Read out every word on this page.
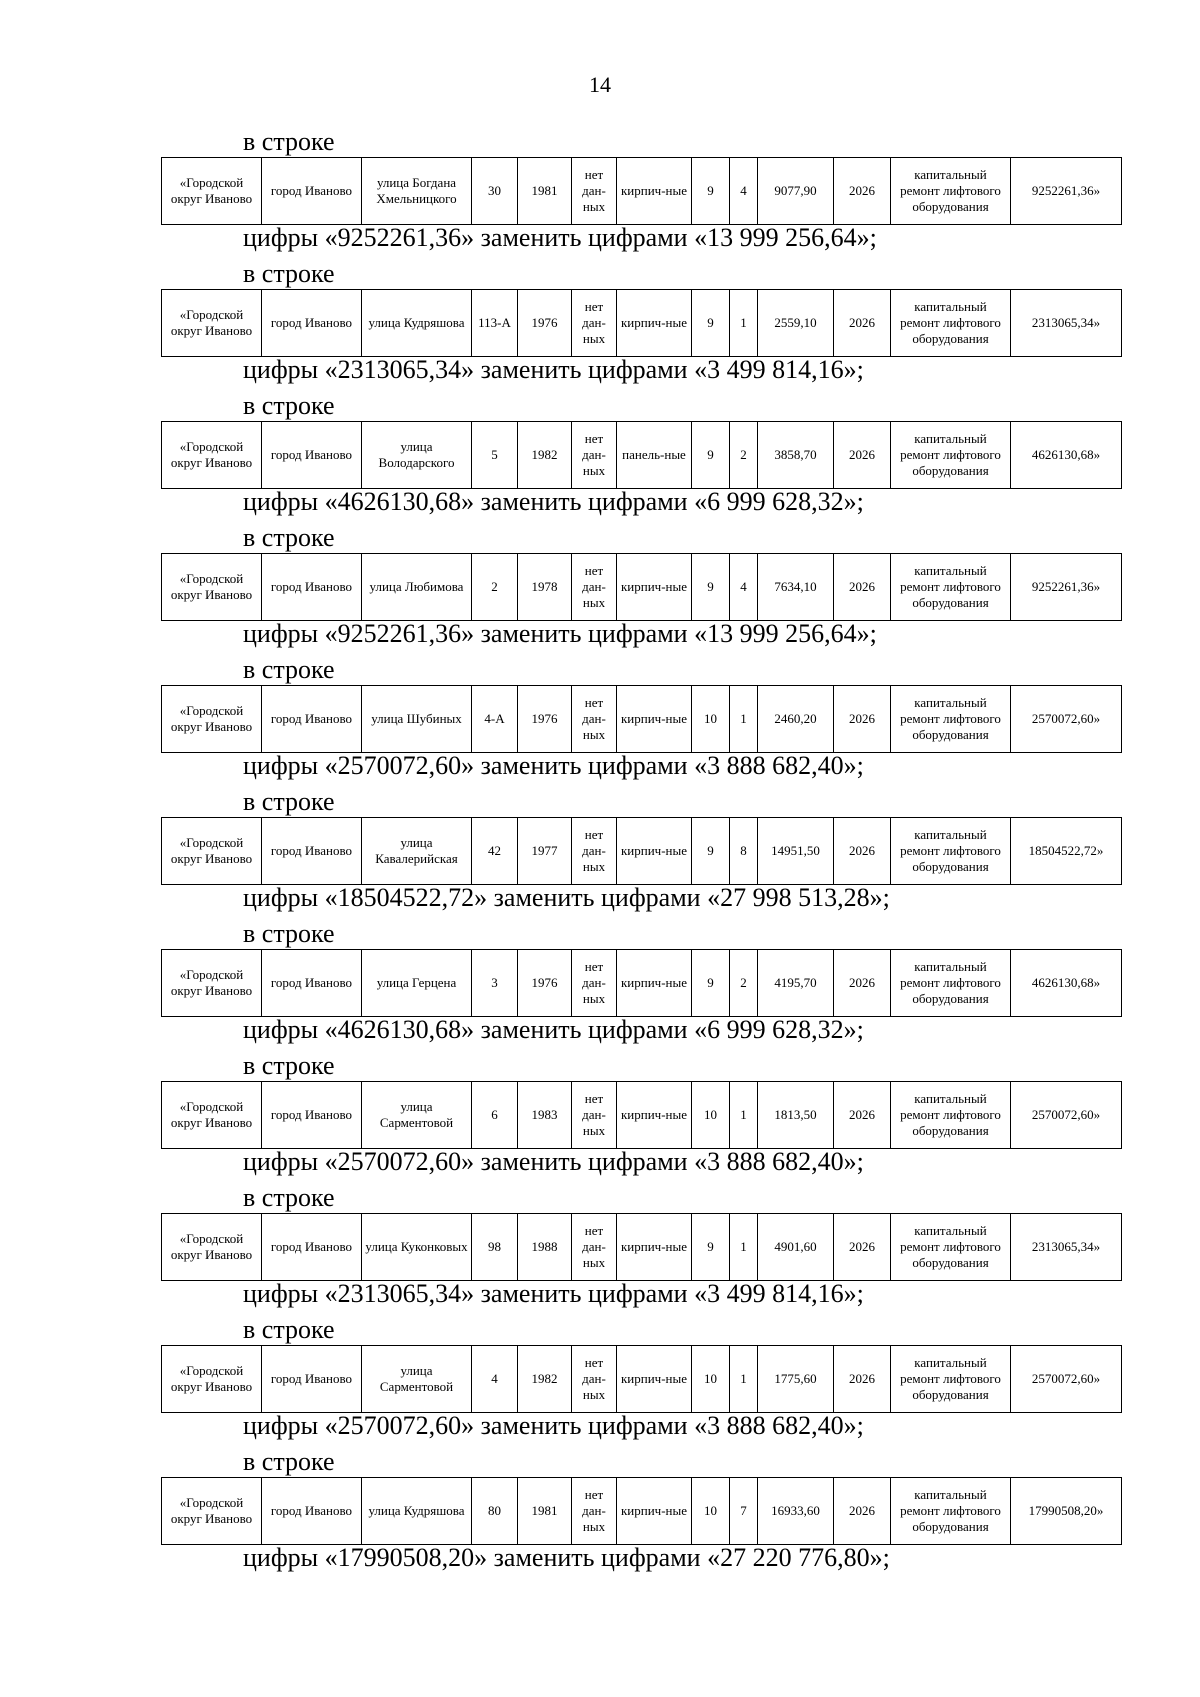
14
в строке
«Городской округ Иваново	город Иваново	улица Богдана Хмельницкого	30	1981	нет дан-ных	кирпич-ные	9	4	9077,90	2026	капитальный ремонт лифтового оборудования	9252261,36»
цифры «9252261,36» заменить цифрами «13 999 256,64»;
в строке
«Городской округ Иваново	город Иваново	улица Кудряшова	113-А	1976	нет дан-ных	кирпич-ные	9	1	2559,10	2026	капитальный ремонт лифтового оборудования	2313065,34»
цифры «2313065,34» заменить цифрами «3 499 814,16»;
в строке
«Городской округ Иваново	город Иваново	улица Володарского	5	1982	нет дан-ных	панель-ные	9	2	3858,70	2026	капитальный ремонт лифтового оборудования	4626130,68»
цифры «4626130,68» заменить цифрами «6 999 628,32»;
в строке
«Городской округ Иваново	город Иваново	улица Любимова	2	1978	нет дан-ных	кирпич-ные	9	4	7634,10	2026	капитальный ремонт лифтового оборудования	9252261,36»
цифры «9252261,36» заменить цифрами «13 999 256,64»;
в строке
«Городской округ Иваново	город Иваново	улица Шубиных	4-А	1976	нет дан-ных	кирпич-ные	10	1	2460,20	2026	капитальный ремонт лифтового оборудования	2570072,60»
цифры «2570072,60» заменить цифрами «3 888 682,40»;
в строке
«Городской округ Иваново	город Иваново	улица Кавалерийская	42	1977	нет дан-ных	кирпич-ные	9	8	14951,50	2026	капитальный ремонт лифтового оборудования	18504522,72»
цифры «18504522,72» заменить цифрами «27 998 513,28»;
в строке
«Городской округ Иваново	город Иваново	улица Герцена	3	1976	нет дан-ных	кирпич-ные	9	2	4195,70	2026	капитальный ремонт лифтового оборудования	4626130,68»
цифры «4626130,68» заменить цифрами «6 999 628,32»;
в строке
«Городской округ Иваново	город Иваново	улица Сарментовой	6	1983	нет дан-ных	кирпич-ные	10	1	1813,50	2026	капитальный ремонт лифтового оборудования	2570072,60»
цифры «2570072,60» заменить цифрами «3 888 682,40»;
в строке
«Городской округ Иваново	город Иваново	улица Куконковых	98	1988	нет дан-ных	кирпич-ные	9	1	4901,60	2026	капитальный ремонт лифтового оборудования	2313065,34»
цифры «2313065,34» заменить цифрами «3 499 814,16»;
в строке
«Городской округ Иваново	город Иваново	улица Сарментовой	4	1982	нет дан-ных	кирпич-ные	10	1	1775,60	2026	капитальный ремонт лифтового оборудования	2570072,60»
цифры «2570072,60» заменить цифрами «3 888 682,40»;
в строке
«Городской округ Иваново	город Иваново	улица Кудряшова	80	1981	нет дан-ных	кирпич-ные	10	7	16933,60	2026	капитальный ремонт лифтового оборудования	17990508,20»
цифры «17990508,20» заменить цифрами «27 220 776,80»;
